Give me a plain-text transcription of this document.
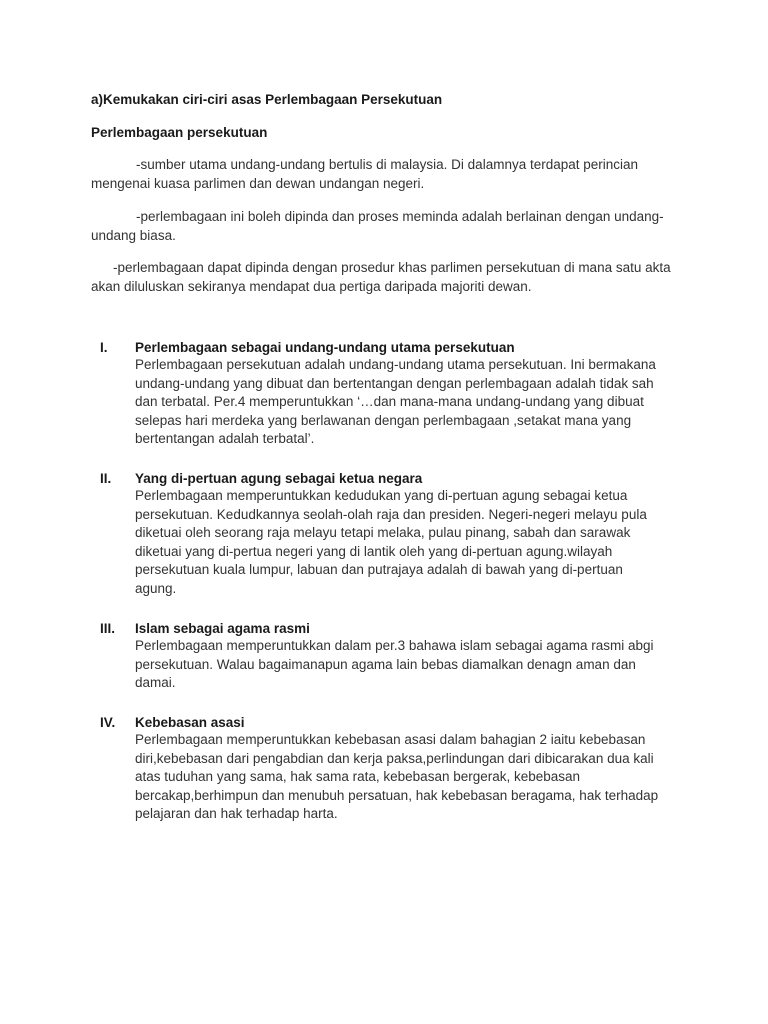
a)Kemukakan ciri-ciri asas Perlembagaan Persekutuan
Perlembagaan persekutuan
-sumber utama undang-undang bertulis di malaysia. Di dalamnya terdapat perincian mengenai kuasa parlimen dan dewan undangan negeri.
-perlembagaan ini boleh dipinda dan proses meminda adalah berlainan dengan undang-undang biasa.
-perlembagaan dapat dipinda dengan prosedur khas parlimen persekutuan di mana satu akta akan diluluskan sekiranya mendapat dua pertiga daripada majoriti dewan.
I. Perlembagaan sebagai undang-undang utama persekutuan
Perlembagaan persekutuan adalah undang-undang utama persekutuan. Ini bermakana undang-undang yang dibuat dan bertentangan dengan perlembagaan adalah tidak sah dan terbatal. Per.4 memperuntukkan ‘…dan mana-mana undang-undang yang dibuat selepas hari merdeka yang berlawanan dengan perlembagaan ,setakat mana yang bertentangan adalah terbatal’.
II. Yang di-pertuan agung sebagai ketua negara
Perlembagaan memperuntukkan kedudukan yang di-pertuan agung sebagai ketua persekutuan. Kedudkannya seolah-olah raja dan presiden. Negeri-negeri melayu pula diketuai oleh seorang raja melayu tetapi melaka, pulau pinang, sabah dan sarawak diketuai yang di-pertua negeri yang di lantik oleh yang di-pertuan agung.wilayah persekutuan kuala lumpur, labuan dan putrajaya adalah di bawah yang di-pertuan agung.
III. Islam sebagai agama rasmi
Perlembagaan memperuntukkan dalam per.3 bahawa islam sebagai agama rasmi abgi persekutuan. Walau bagaimanapun agama lain bebas diamalkan denagn aman dan damai.
IV. Kebebasan asasi
Perlembagaan memperuntukkan kebebasan asasi dalam bahagian 2 iaitu kebebasan diri,kebebasan dari pengabdian dan kerja paksa,perlindungan dari dibicarakan dua kali atas tuduhan yang sama, hak sama rata, kebebasan bergerak, kebebasan bercakap,berhimpun dan menubuh persatuan, hak kebebasan beragama, hak terhadap pelajaran dan hak terhadap harta.
